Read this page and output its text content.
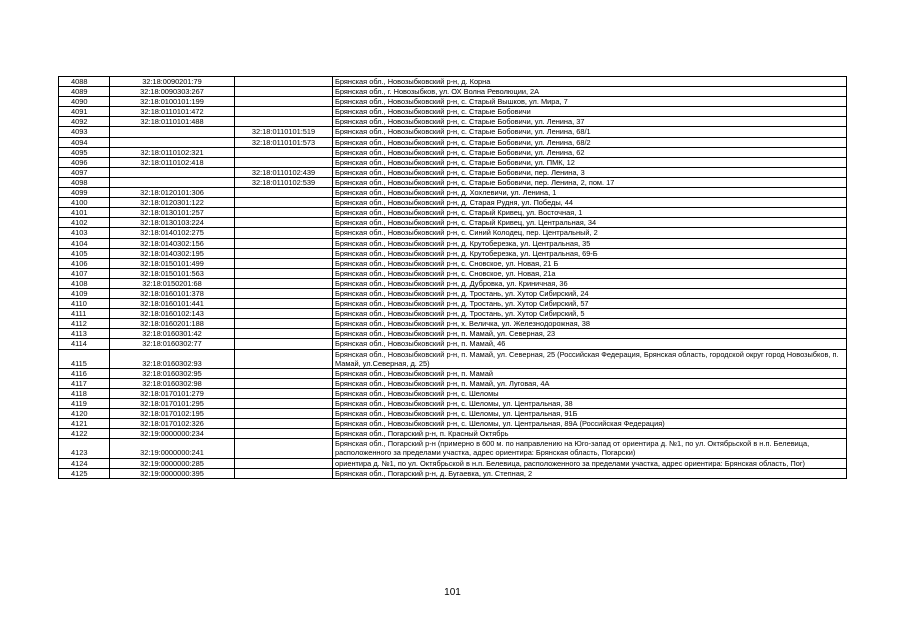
4088	32:18:0090201:79		Брянская обл., Новозыбковский р-н, д. Корна
4089	32:18:0090303:267		Брянская обл., г. Новозыбков, ул. ОХ Волна Революции, 2А
4090	32:18:0100101:199		Брянская обл., Новозыбковский р-н, с. Старый Вышков, ул. Мира, 7
4091	32:18:0110101:472		Брянская обл., Новозыбковский р-н, с. Старые Бобовичи
4092	32:18:0110101:488		Брянская обл., Новозыбковский р-н, с. Старые Бобовичи, ул. Ленина, 37
4093		32:18:0110101:519	Брянская обл., Новозыбковский р-н, с. Старые Бобовичи, ул. Ленина, 68/1
4094		32:18:0110101:573	Брянская обл., Новозыбковский р-н, с. Старые Бобовичи, ул. Ленина, 68/2
4095	32:18:0110102:321		Брянская обл., Новозыбковский р-н, с. Старые Бобовичи, ул. Ленина, 62
4096	32:18:0110102:418		Брянская обл., Новозыбковский р-н, с. Старые Бобовичи, ул. ПМК, 12
4097		32:18:0110102:439	Брянская обл., Новозыбковский р-н, с. Старые Бобовичи, пер. Ленина, 3
4098		32:18:0110102:539	Брянская обл., Новозыбковский р-н, с. Старые Бобовичи, пер. Ленина, 2, пом. 17
4099	32:18:0120101:306		Брянская обл., Новозыбковский р-н, д. Хохлевичи, ул. Ленина, 1
4100	32:18:0120301:122		Брянская обл., Новозыбковский р-н, д. Старая Рудня, ул. Победы, 44
4101	32:18:0130101:257		Брянская обл., Новозыбковский р-н, с. Старый Кривец, ул. Восточная, 1
4102	32:18:0130103:224		Брянская обл., Новозыбковский р-н, с. Старый Кривец, ул. Центральная, 34
4103	32:18:0140102:275		Брянская обл., Новозыбковский р-н, с. Синий Колодец, пер. Центральный, 2
4104	32:18:0140302:156		Брянская обл., Новозыбковский р-н, д. Крутоберезка, ул. Центральная, 35
4105	32:18:0140302:195		Брянская обл., Новозыбковский р-н, д. Крутоберезка, ул. Центральная, 69-Б
4106	32:18:0150101:499		Брянская обл., Новозыбковский р-н, с. Сновское, ул. Новая, 21 Б
4107	32:18:0150101:563		Брянская обл., Новозыбковский р-н, с. Сновское, ул. Новая, 21а
4108	32:18:0150201:68		Брянская обл., Новозыбковский р-н, д. Дубровка, ул. Криничная, 36
4109	32:18:0160101:378		Брянская обл., Новозыбковский р-н, д. Тростань, ул. Хутор Сибирский, 24
4110	32:18:0160101:441		Брянская обл., Новозыбковский р-н, д. Тростань, ул. Хутор Сибирский, 57
4111	32:18:0160102:143		Брянская обл., Новозыбковский р-н, д. Тростань, ул. Хутор Сибирский, 5
4112	32:18:0160201:188		Брянская обл., Новозыбковский р-н, х. Величка, ул. Железнодорожная, 38
4113	32:18:0160301:42		Брянская обл., Новозыбковский р-н, п. Мамай, ул. Северная, 23
4114	32:18:0160302:77		Брянская обл., Новозыбковский р-н, п. Мамай, 46
4115	32:18:0160302:93		Брянская обл., Новозыбковский р-н, п. Мамай, ул. Северная, 25 (Российская Федерация, Брянская область, городской округ город Новозыбков, п. Мамай, ул.Северная, д. 25)
4116	32:18:0160302:95		Брянская обл., Новозыбковский р-н, п. Мамай
4117	32:18:0160302:98		Брянская обл., Новозыбковский р-н, п. Мамай, ул. Луговая, 4А
4118	32:18:0170101:279		Брянская обл., Новозыбковский р-н, с. Шеломы
4119	32:18:0170101:295		Брянская обл., Новозыбковский р-н, с. Шеломы, ул. Центральная, 38
4120	32:18:0170102:195		Брянская обл., Новозыбковский р-н, с. Шеломы, ул. Центральная, 91Б
4121	32:18:0170102:326		Брянская обл., Новозыбковский р-н, с. Шеломы, ул. Центральная, 89А (Российская Федерация)
4122	32:19:0000000:234		Брянская обл., Погарский р-н, п. Красный Октябрь
4123	32:19:0000000:241		Брянская обл., Погарский р-н (примерно в 600 м. по направлению на Юго-запад от ориентира д. №1, по ул. Октябрьской в н.п. Белевица, расположенного за пределами участка, адрес ориентира: Брянская область, Погарски)
4124	32:19:0000000:285		ориентира д. №1, по ул. Октябрьской в н.п. Белевица, расположенного за пределами участка, адрес ориентира: Брянская область, Пог)
4125	32:19:0000000:395		Брянская обл., Погарский р-н, д. Бугаевка, ул. Степная, 2
101
